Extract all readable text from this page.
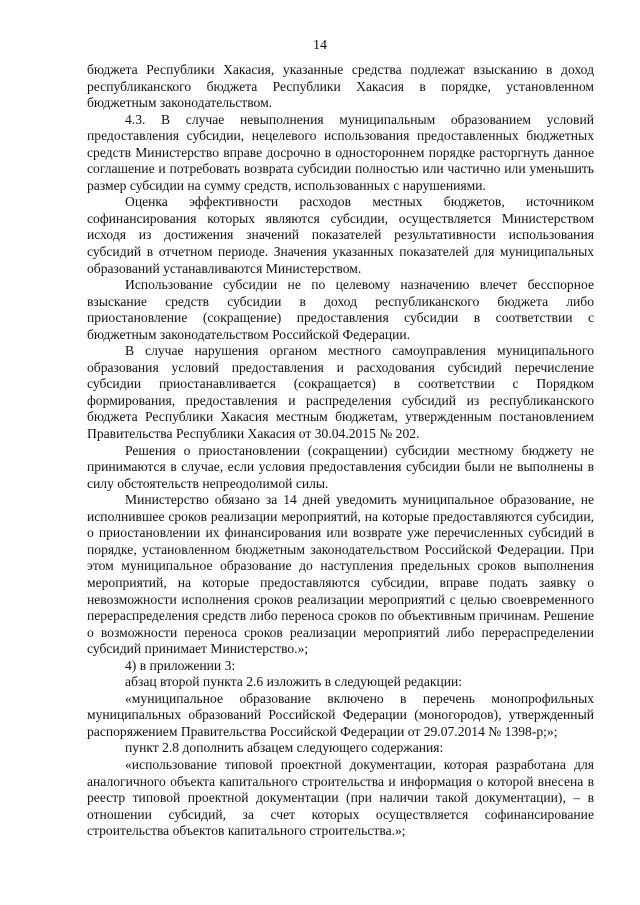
14

бюджета Республики Хакасия, указанные средства подлежат взысканию в доход республиканского бюджета Республики Хакасия в порядке, установленном бюджетным законодательством.

4.3. В случае невыполнения муниципальным образованием условий предоставления субсидии, нецелевого использования предоставленных бюджетных средств Министерство вправе досрочно в одностороннем порядке расторгнуть данное соглашение и потребовать возврата субсидии полностью или частично или уменьшить размер субсидии на сумму средств, использованных с нарушениями.

Оценка эффективности расходов местных бюджетов, источником софинансирования которых являются субсидии, осуществляется Министерством исходя из достижения значений показателей результативности использования субсидий в отчетном периоде. Значения указанных показателей для муниципальных образований устанавливаются Министерством.

Использование субсидии не по целевому назначению влечет бесспорное взыскание средств субсидии в доход республиканского бюджета либо приостановление (сокращение) предоставления субсидии в соответствии с бюджетным законодательством Российской Федерации.

В случае нарушения органом местного самоуправления муниципального образования условий предоставления и расходования субсидий перечисление субсидии приостанавливается (сокращается) в соответствии с Порядком формирования, предоставления и распределения субсидий из республиканского бюджета Республики Хакасия местным бюджетам, утвержденным постановлением Правительства Республики Хакасия от 30.04.2015 № 202.

Решения о приостановлении (сокращении) субсидии местному бюджету не принимаются в случае, если условия предоставления субсидии были не выполнены в силу обстоятельств непреодолимой силы.

Министерство обязано за 14 дней уведомить муниципальное образование, не исполнившее сроков реализации мероприятий, на которые предоставляются субсидии, о приостановлении их финансирования или возврате уже перечисленных субсидий в порядке, установленном бюджетным законодательством Российской Федерации. При этом муниципальное образование до наступления предельных сроков выполнения мероприятий, на которые предоставляются субсидии, вправе подать заявку о невозможности исполнения сроков реализации мероприятий с целью своевременного перераспределения средств либо переноса сроков по объективным причинам. Решение о возможности переноса сроков реализации мероприятий либо перераспределении субсидий принимает Министерство.»;

4) в приложении 3:

абзац второй пункта 2.6 изложить в следующей редакции:

«муниципальное образование включено в перечень монопрофильных муниципальных образований Российской Федерации (моногородов), утвержденный распоряжением Правительства Российской Федерации от 29.07.2014 № 1398-р;»;

пункт 2.8 дополнить абзацем следующего содержания:

«использование типовой проектной документации, которая разработана для аналогичного объекта капитального строительства и информация о которой внесена в реестр типовой проектной документации (при наличии такой документации), – в отношении субсидий, за счет которых осуществляется софинансирование строительства объектов капитального строительства.»;
